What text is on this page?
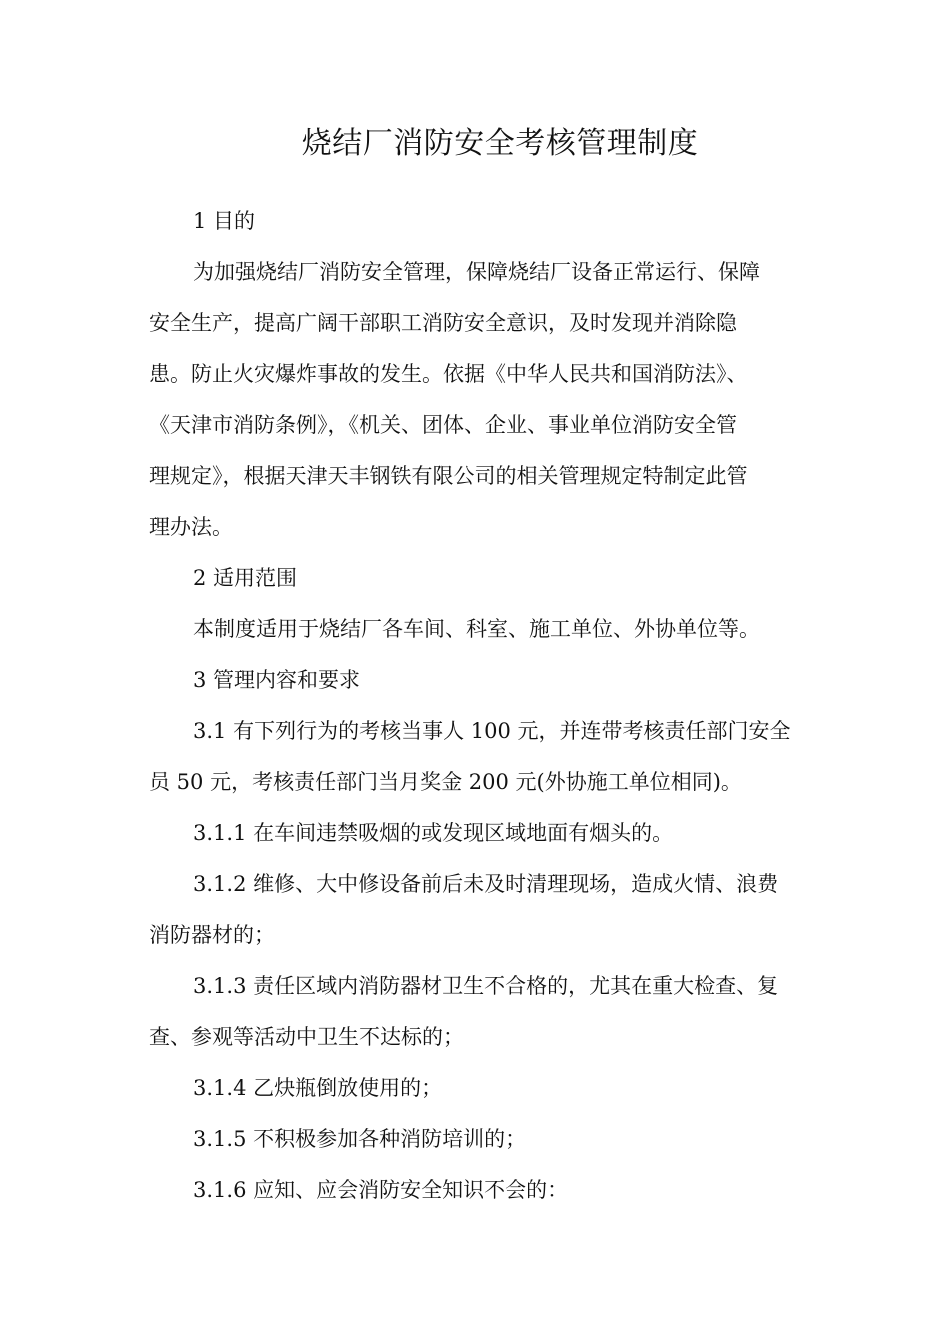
烧结厂消防安全考核管理制度
1 目的
为加强烧结厂消防安全管理，保障烧结厂设备正常运行、保障
安全生产，提高广阔干部职工消防安全意识，及时发现并消除隐
患。防止火灾爆炸事故的发生。依据《中华人民共和国消防法》、
《天津市消防条例》，《机关、团体、企业、事业单位消防安全管
理规定》，根据天津天丰钢铁有限公司的相关管理规定特制定此管
理办法。
2 适用范围
本制度适用于烧结厂各车间、科室、施工单位、外协单位等。
3 管理内容和要求
3.1 有下列行为的考核当事人 100 元，并连带考核责任部门安全
员 50 元，考核责任部门当月奖金 200 元(外协施工单位相同)。
3.1.1 在车间违禁吸烟的或发现区域地面有烟头的。
3.1.2 维修、大中修设备前后未及时清理现场，造成火情、浪费
消防器材的；
3.1.3 责任区域内消防器材卫生不合格的，尤其在重大检查、复
查、参观等活动中卫生不达标的；
3.1.4 乙炔瓶倒放使用的；
3.1.5 不积极参加各种消防培训的；
3.1.6 应知、应会消防安全知识不会的：
